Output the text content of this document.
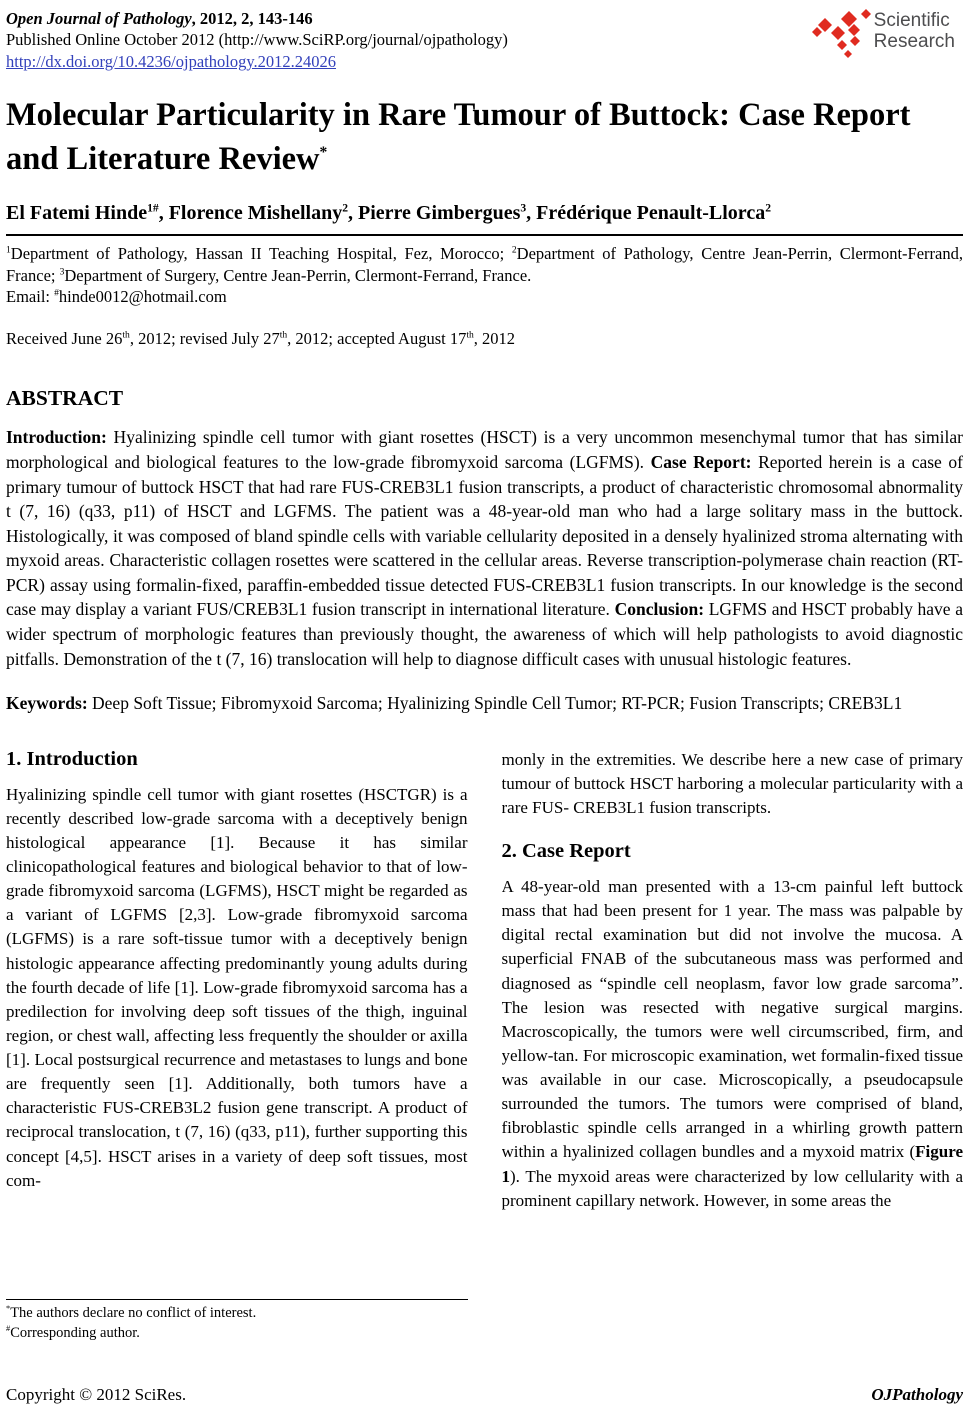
Open Journal of Pathology, 2012, 2, 143-146
Published Online October 2012 (http://www.SciRP.org/journal/ojpathology)
http://dx.doi.org/10.4236/ojpathology.2012.24026
Scientific
Research
Molecular Particularity in Rare Tumour of Buttock: Case Report and Literature Review*
El Fatemi Hinde$^{1\#}$, Florence Mishellany$^2$, Pierre Gimbergues$^3$, Frédérique Penault-Llorca$^2$

$^1$Department of Pathology, Hassan II Teaching Hospital, Fez, Morocco; $^2$Department of Pathology, Centre Jean-Perrin, Clermont-Ferrand, France; $^3$Department of Surgery, Centre Jean-Perrin, Clermont-Ferrand, France.

Email: #hinde0012@hotmail.com

Received June 26th, 2012; revised July 27th, 2012; accepted August 17th, 2012

ABSTRACT

Introduction: Hyalinizing spindle cell tumor with giant rosettes (HSCT) is a very uncommon mesenchymal tumor that has similar morphological and biological features to the low-grade fibromyxoid sarcoma (LGFMS). Case Report: Reported herein is a case of primary tumour of buttock HSCT that had rare FUS-CREB3L1 fusion transcripts, a product of characteristic chromosomal abnormality t (7, 16) (q33, p11) of HSCT and LGFMS. The patient was a 48-year-old man who had a large solitary mass in the buttock. Histologically, it was composed of bland spindle cells with variable cellularity deposited in a densely hyalinized stroma alternating with myxoid areas. Characteristic collagen rosettes were scattered in the cellular areas. Reverse transcription-polymerase chain reaction (RT-PCR) assay using formalin-fixed, paraffin-embedded tissue detected FUS-CREB3L1 fusion transcripts. In our knowledge is the second case may display a variant FUS/CREB3L1 fusion transcript in international literature. Conclusion: LGFMS and HSCT probably have a wider spectrum of morphologic features than previously thought, the awareness of which will help pathologists to avoid diagnostic pitfalls. Demonstration of the t (7, 16) translocation will help to diagnose difficult cases with unusual histologic features.

Keywords: Deep Soft Tissue; Fibromyxoid Sarcoma; Hyalinizing Spindle Cell Tumor; RT-PCR; Fusion Transcripts; CREB3L1
1. Introduction

Hyalinizing spindle cell tumor with giant rosettes (HSCTGR) is a recently described low-grade sarcoma with a deceptively benign histological appearance [1]. Because it has similar clinicopathological features and biological behavior to that of low-grade fibromyxoid sarcoma (LGFMS), HSCT might be regarded as a variant of LGFMS [2,3]. Low-grade fibromyxoid sarcoma (LGFMS) is a rare soft-tissue tumor with a deceptively benign histologic appearance affecting predominantly young adults during the fourth decade of life [1]. Low-grade fibromyxoid sarcoma has a predilection for involving deep soft tissues of the thigh, inguinal region, or chest wall, affecting less frequently the shoulder or axilla [1]. Local postsurgical recurrence and metastases to lungs and bone are frequently seen [1]. Additionally, both tumors have a characteristic FUS-CREB3L2 fusion gene transcript. A product of reciprocal translocation, t (7, 16) (q33, p11), further supporting this concept [4,5]. HSCT arises in a variety of deep soft tissues, most com-

*The authors declare no conflict of interest.
#Corresponding author.

monly in the extremities. We describe here a new case of primary tumour of buttock HSCT harboring a molecular particularity with a rare FUS- CREB3L1 fusion transcripts.

2. Case Report

A 48-year-old man presented with a 13-cm painful left buttock mass that had been present for 1 year. The mass was palpable by digital rectal examination but did not involve the mucosa. A superficial FNAB of the subcutaneous mass was performed and diagnosed as “spindle cell neoplasm, favor low grade sarcoma”. The lesion was resected with negative surgical margins. Macroscopically, the tumors were well circumscribed, firm, and yellow-tan. For microscopic examination, wet formalin-fixed tissue was available in our case. Microscopically, a pseudocapsule surrounded the tumors. The tumors were comprised of bland, fibroblastic spindle cells arranged in a whirling growth pattern within a hyalinized collagen bundles and a myxoid matrix (Figure 1). The myxoid areas were characterized by low cellularity with a prominent capillary network. However, in some areas the

Copyright © 2012 SciRes.	OJPathology
